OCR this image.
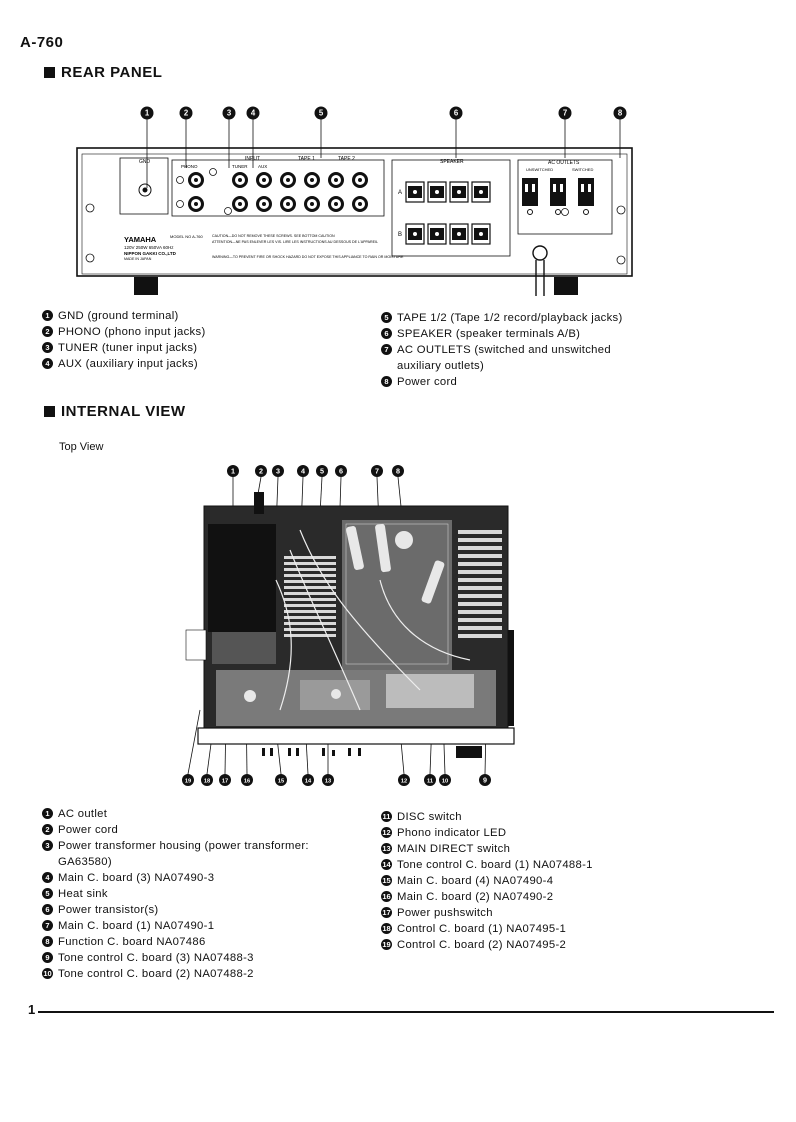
A-760
REAR PANEL
1	2	3	4	5	6	7	8
GND	INPUT
PHONO	TUNER AUX
TAPE 1	TAPE 2	SPEAKER	AC OUTLETS
UNSWITCHED	SWITCHED
A
B
YAMAHA	MODEL NO A-760
120V 250W 650VA 60Hz
NIPPON GAKKI CO.,LTD
MADE IN JAPAN
CAUTION—DO NOT REMOVE THESE SCREWS. SEE BOTTOM CAUTION
ATTENTION—NE PAS ENLEVER LES VIS. LIRE LES INSTRUCTIONS AU DESSOUS DE L'APPAREIL
WARNING—TO PREVENT FIRE OR SHOCK HAZARD DO NOT EXPOSE THIS APPLIANCE TO RAIN OR MOISTURE
1 GND (ground terminal)
2 PHONO (phono input jacks)
3 TUNER (tuner input jacks)
4 AUX (auxiliary input jacks)
5 TAPE 1/2 (Tape 1/2 record/playback jacks)
6 SPEAKER (speaker terminals A/B)
7 AC OUTLETS (switched and unswitched auxiliary outlets)
8 Power cord
INTERNAL VIEW
Top View
1	2 3	4 5 6	7 8
19 18 17	16	15	14 13	12	11 10	9
1 AC outlet
2 Power cord
3 Power transformer housing (power transformer: GA63580)
4 Main C. board (3) NA07490-3
5 Heat sink
6 Power transistor(s)
7 Main C. board (1) NA07490-1
8 Function C. board NA07486
9 Tone control C. board (3) NA07488-3
10 Tone control C. board (2) NA07488-2
11 DISC switch
12 Phono indicator LED
13 MAIN DIRECT switch
14 Tone control C. board (1) NA07488-1
15 Main C. board (4) NA07490-4
16 Main C. board (2) NA07490-2
17 Power pushswitch
18 Control C. board (1) NA07495-1
19 Control C. board (2) NA07495-2
1
